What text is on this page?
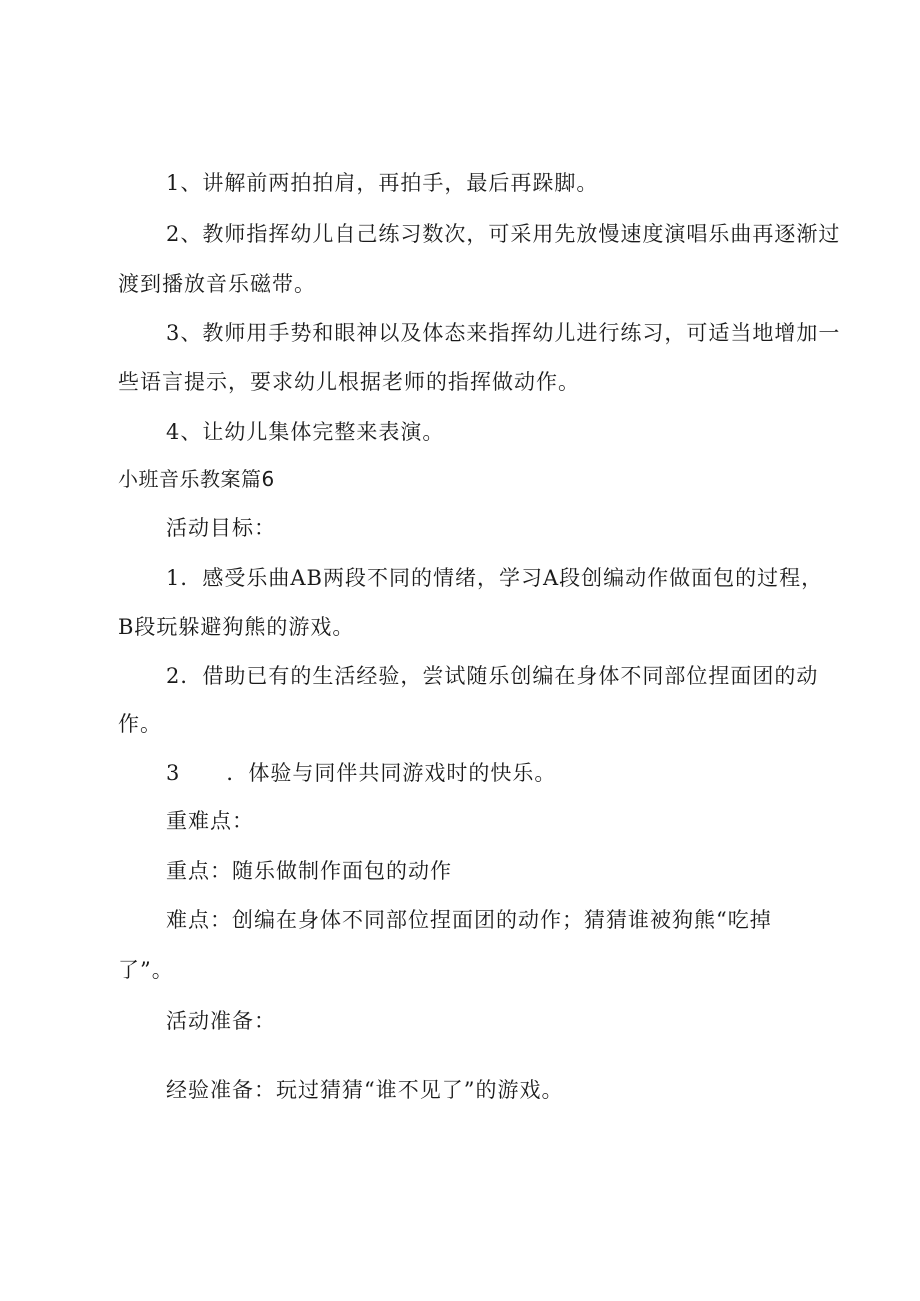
1、讲解前两拍拍肩，再拍手，最后再跺脚。
2、教师指挥幼儿自己练习数次，可采用先放慢速度演唱乐曲再逐渐过
渡到播放音乐磁带。
3、教师用手势和眼神以及体态来指挥幼儿进行练习，可适当地增加一
些语言提示，要求幼儿根据老师的指挥做动作。
4、让幼儿集体完整来表演。
小班音乐教案篇6
活动目标：
1．感受乐曲AB两段不同的情绪，学习A段创编动作做面包的过程，
B段玩躲避狗熊的游戏。
2．借助已有的生活经验，尝试随乐创编在身体不同部位捏面团的动
作。
3 ．体验与同伴共同游戏时的快乐。
重难点：
重点：随乐做制作面包的动作
难点：创编在身体不同部位捏面团的动作；猜猜谁被狗熊“吃掉
了”。
活动准备：
经验准备：玩过猜猜“谁不见了”的游戏。
